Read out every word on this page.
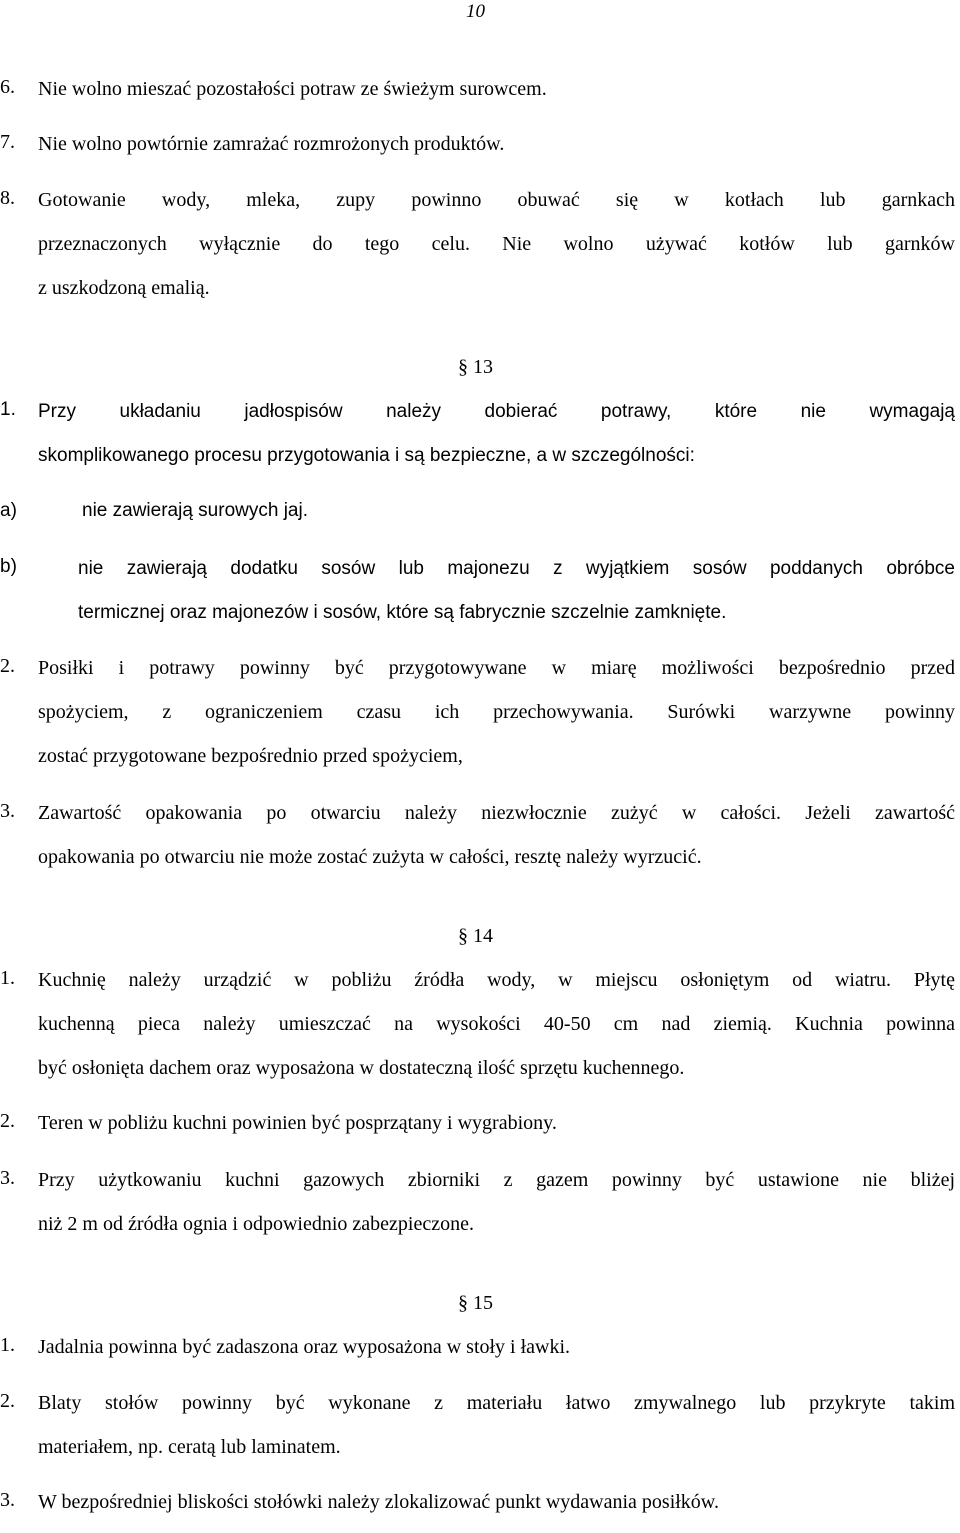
10
6. Nie wolno mieszać pozostałości potraw ze świeżym surowcem.
7. Nie wolno powtórnie zamrażać rozmrożonych produktów.
8. Gotowanie wody, mleka, zupy powinno obuwać się w kotłach lub garnkach
przeznaczonych wyłącznie do tego celu. Nie wolno używać kotłów lub garnków
z uszkodzoną emalią.
§ 13
1. Przy układaniu jadłospisów należy dobierać potrawy, które nie wymagają
skomplikowanego procesu przygotowania i są bezpieczne, a w szczególności:
a)	nie zawierają surowych jaj.
b)	nie zawierają dodatku sosów lub majonezu z wyjątkiem sosów poddanych obróbce
termicznej oraz majonezów i sosów, które są fabrycznie szczelnie zamknięte.
2. Posiłki i potrawy powinny być przygotowywane w miarę możliwości bezpośrednio przed
spożyciem, z ograniczeniem czasu ich przechowywania. Surówki warzywne powinny
zostać przygotowane bezpośrednio przed spożyciem,
3. Zawartość opakowania po otwarciu należy niezwłocznie zużyć w całości. Jeżeli zawartość
opakowania po otwarciu nie może zostać zużyta w całości, resztę należy wyrzucić.
§ 14
1. Kuchnię należy urządzić w pobliżu źródła wody, w miejscu osłoniętym od wiatru. Płytę
kuchenną pieca należy umieszczać na wysokości 40-50 cm nad ziemią. Kuchnia powinna
być osłonięta dachem oraz wyposażona w dostateczną ilość sprzętu kuchennego.
2. Teren w pobliżu kuchni powinien być posprzątany i wygrabiony.
3. Przy użytkowaniu kuchni gazowych zbiorniki z gazem powinny być ustawione nie bliżej
niż 2 m od źródła ognia i odpowiednio zabezpieczone.
§ 15
1. Jadalnia powinna być zadaszona oraz wyposażona w stoły i ławki.
2. Blaty stołów powinny być wykonane z materiału łatwo zmywalnego lub przykryte takim
materiałem, np. ceratą lub laminatem.
3. W bezpośredniej bliskości stołówki należy zlokalizować punkt wydawania posiłków.
